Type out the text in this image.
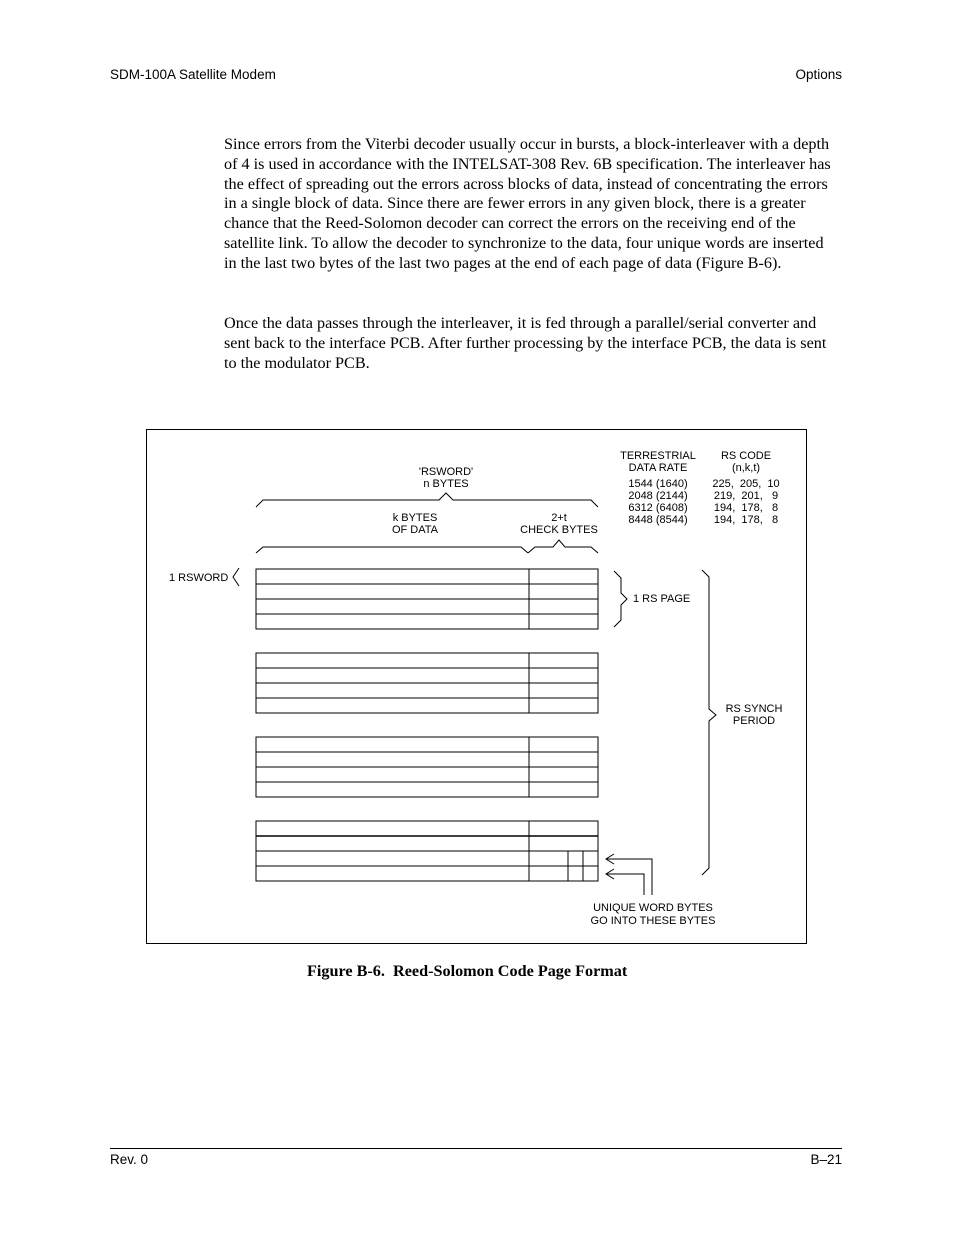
SDM-100A Satellite Modem	Options

Since errors from the Viterbi decoder usually occur in bursts, a block-interleaver with a depth of 4 is used in accordance with the INTELSAT-308 Rev. 6B specification. The interleaver has the effect of spreading out the errors across blocks of data, instead of concentrating the errors in a single block of data. Since there are fewer errors in any given block, there is a greater chance that the Reed-Solomon decoder can correct the errors on the receiving end of the satellite link. To allow the decoder to synchronize to the data, four unique words are inserted in the last two bytes of the last two pages at the end of each page of data (Figure B-6).

Once the data passes through the interleaver, it is fed through a parallel/serial converter and sent back to the interface PCB. After further processing by the interface PCB, the data is sent to the modulator PCB.

'RSWORD'
n BYTES
k BYTES
OF DATA
2+t
CHECK BYTES
TERRESTRIAL
DATA RATE
RS CODE
(n,k,t)
1544 (1640) 225,  205,  10
2048 (2144) 219,  201,   9
6312 (6408) 194,  178,   8
8448 (8544) 194,  178,   8
1 RSWORD
1 RS PAGE
RS SYNCH
PERIOD
UNIQUE WORD BYTES
GO INTO THESE BYTES
Figure B-6.  Reed-Solomon Code Page Format
Rev. 0	B–21
